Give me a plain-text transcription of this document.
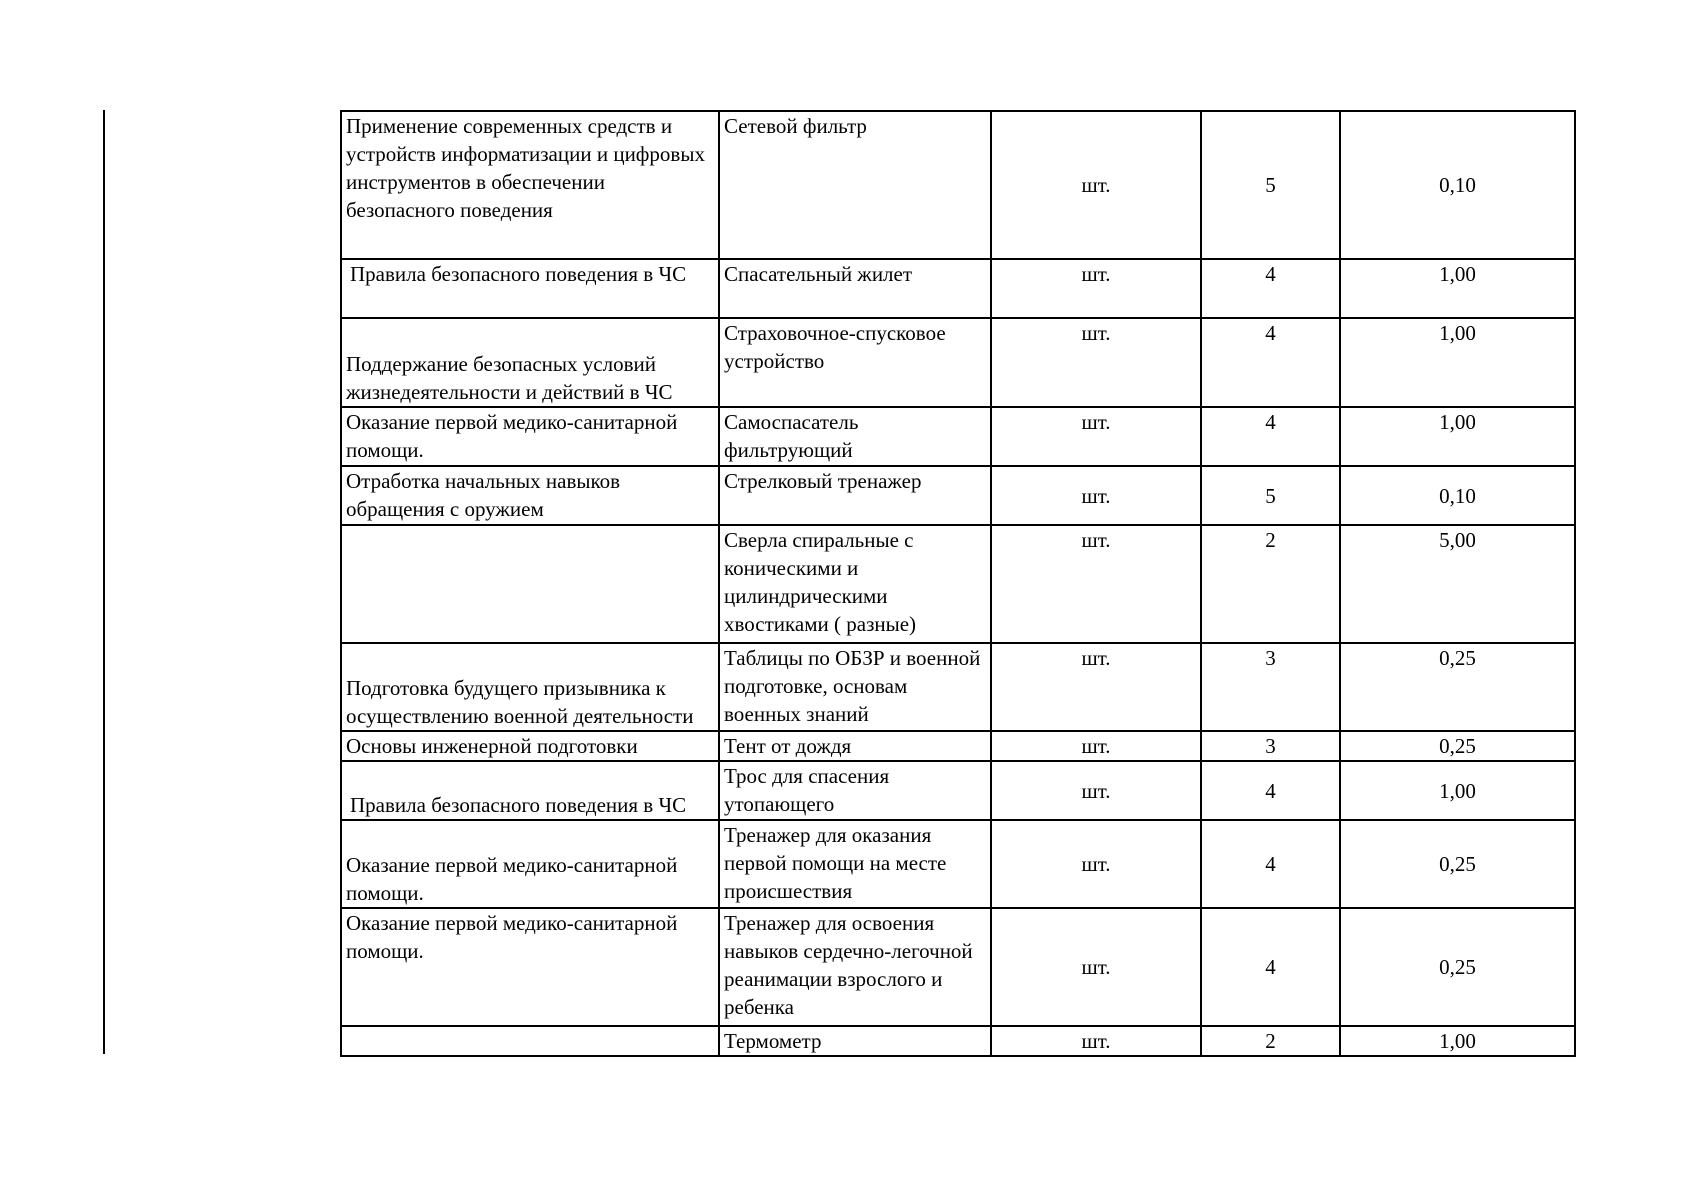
Применение современных средств и устройств информатизации и цифровых инструментов в обеспечении безопасного поведения	Сетевой фильтр	шт.	5	0,10
Правила безопасного поведения в ЧС	Спасательный жилет	шт.	4	1,00
Поддержание безопасных условий жизнедеятельности и действий в ЧС	Страховочное-спусковое устройство	шт.	4	1,00
Оказание первой медико-санитарной помощи.	Самоспасатель фильтрующий	шт.	4	1,00
Отработка начальных навыков обращения с оружием	Стрелковый тренажер	шт.	5	0,10
	Сверла спиральные с коническими и цилиндрическими хвостиками ( разные)	шт.	2	5,00
Подготовка будущего призывника к осуществлению военной деятельности	Таблицы по ОБЗР и военной подготовке, основам военных знаний	шт.	3	0,25
Основы инженерной подготовки	Тент от дождя	шт.	3	0,25
Правила безопасного поведения в ЧС	Трос для спасения утопающего	шт.	4	1,00
Оказание первой медико-санитарной помощи.	Тренажер для оказания первой помощи на месте происшествия	шт.	4	0,25
Оказание первой медико-санитарной помощи.	Тренажер для освоения навыков сердечно-легочной реанимации взрослого и ребенка	шт.	4	0,25
	Термометр	шт.	2	1,00
